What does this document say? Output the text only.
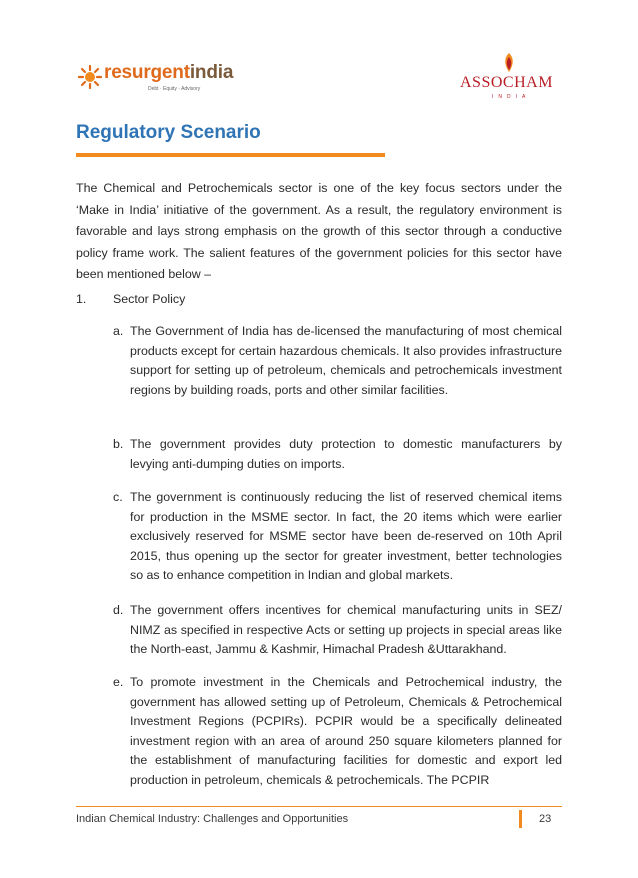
resurgentindia
Debt · Equity · Advisory	ASSOCHAM
INDIA
Regulatory Scenario
The Chemical and Petrochemicals sector is one of the key focus sectors under the ‘Make in India’ initiative of the government. As a result, the regulatory environment is favorable and lays strong emphasis on the growth of this sector through a conductive policy frame work. The salient features of the government policies for this sector have been mentioned below –
1. Sector Policy
a. The Government of India has de-licensed the manufacturing of most chemical products except for certain hazardous chemicals. It also provides infrastructure support for setting up of petroleum, chemicals and petrochemicals investment regions by building roads, ports and other similar facilities.
b. The government provides duty protection to domestic manufacturers by levying anti-dumping duties on imports.
c. The government is continuously reducing the list of reserved chemical items for production in the MSME sector. In fact, the 20 items which were earlier exclusively reserved for MSME sector have been de-reserved on 10th April 2015, thus opening up the sector for greater investment, better technologies so as to enhance competition in Indian and global markets.
d. The government offers incentives for chemical manufacturing units in SEZ/ NIMZ as specified in respective Acts or setting up projects in special areas like the North-east, Jammu & Kashmir, Himachal Pradesh &Uttarakhand.
e. To promote investment in the Chemicals and Petrochemical industry, the government has allowed setting up of Petroleum, Chemicals & Petrochemical Investment Regions (PCPIRs). PCPIR would be a specifically delineated investment region with an area of around 250 square kilometers planned for the establishment of manufacturing facilities for domestic and export led production in petroleum, chemicals & petrochemicals. The PCPIR
Indian Chemical Industry: Challenges and Opportunities	23
